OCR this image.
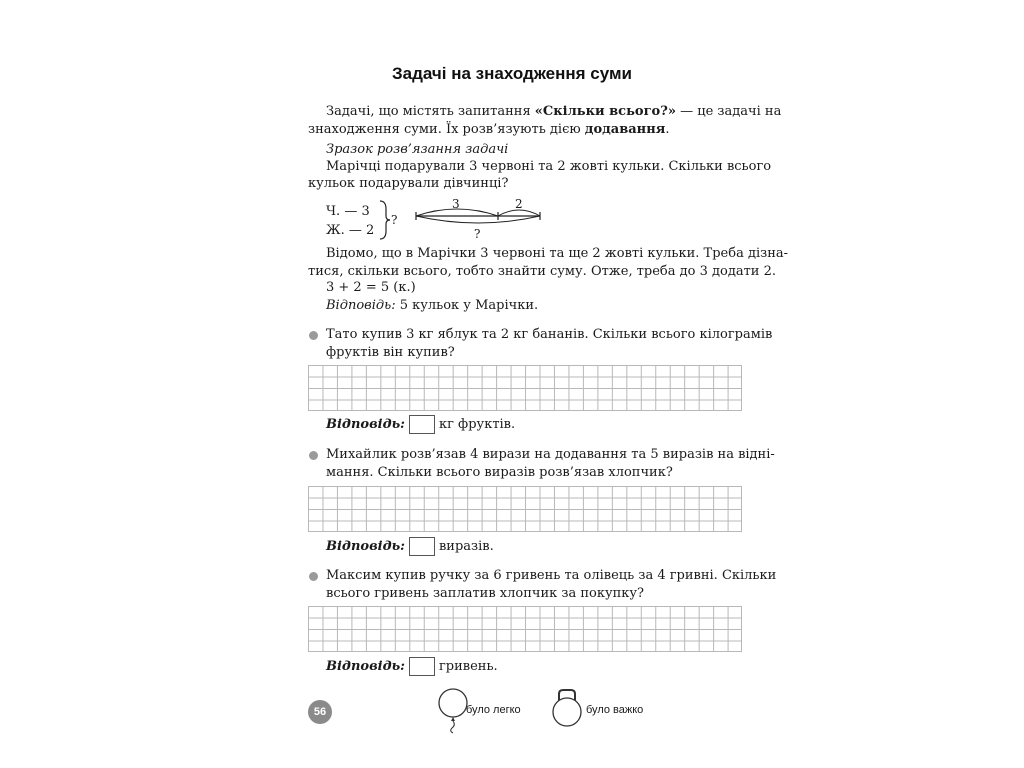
Задачі на знаходження суми
Задачі, що містять запитання «Скільки всього?» — це задачі на
знаходження суми. Їх розв’язують дією додавання.
Зразок розв’язання задачі
Марічці подарували 3 червоні та 2 жовті кульки. Скільки всього
кульок подарували дівчинці?
Ч. — 3
Ж. — 2
?
3	2
?
Відомо, що в Марічки 3 червоні та ще 2 жовті кульки. Треба дізна-
тися, скільки всього, тобто знайти суму. Отже, треба до 3 додати 2.
3 + 2 = 5 (к.)
Відповідь: 5 кульок у Марічки.
Тато купив 3 кг яблук та 2 кг бананів. Скільки всього кілограмів
фруктів він купив?
Відповідь:	кг фруктів.
Михайлик розв’язав 4 вирази на додавання та 5 виразів на відні-
мання. Скільки всього виразів розв’язав хлопчик?
Відповідь:	виразів.
Максим купив ручку за 6 гривень та олівець за 4 гривні. Скільки
всього гривень заплатив хлопчик за покупку?
Відповідь:	гривень.
56	було легко	було важко
